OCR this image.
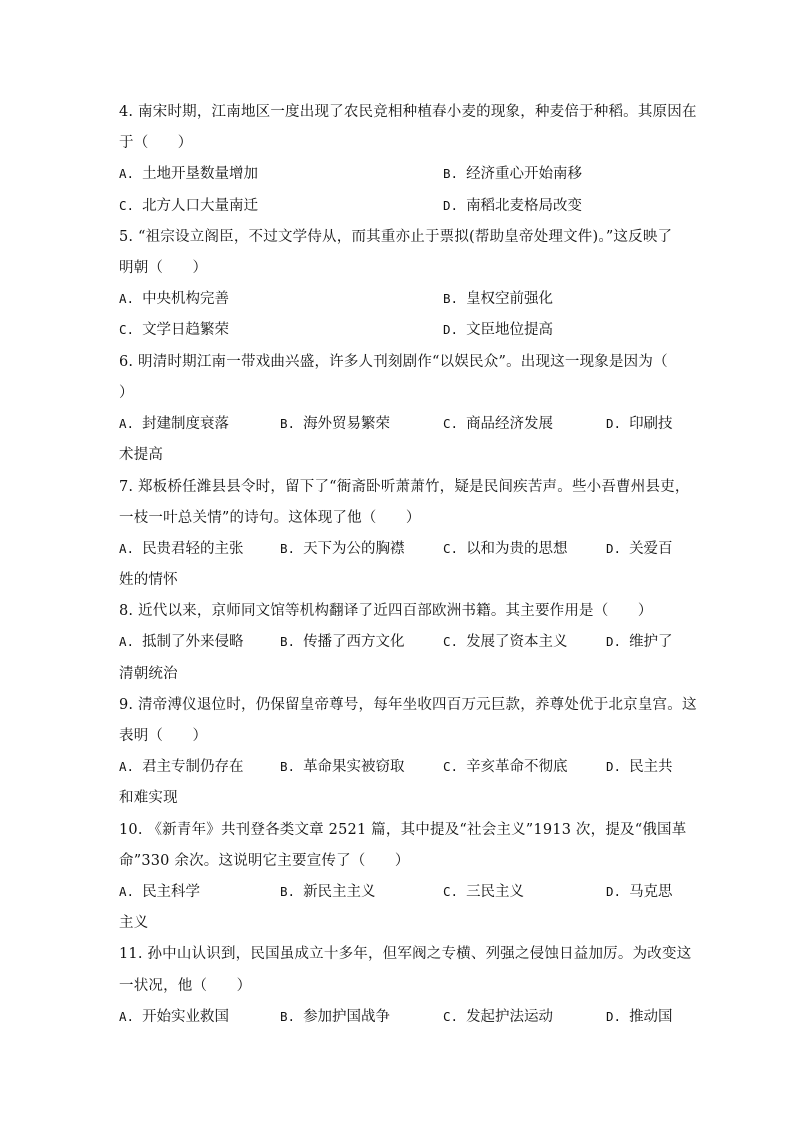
4. 南宋时期，江南地区一度出现了农民竞相种植春小麦的现象，种麦倍于种稻。其原因在
于（　　）
A. 土地开垦数量增加	B. 经济重心开始南移
C. 北方人口大量南迁	D. 南稻北麦格局改变
5. “祖宗设立阁臣，不过文学侍从，而其重亦止于票拟(帮助皇帝处理文件)。”这反映了
明朝（　　）
A. 中央机构完善	B. 皇权空前强化
C. 文学日趋繁荣	D. 文臣地位提高
6. 明清时期江南一带戏曲兴盛，许多人刊刻剧作“以娱民众”。出现这一现象是因为（
）
A. 封建制度衰落	B. 海外贸易繁荣	C. 商品经济发展	D. 印刷技
术提高
7. 郑板桥任潍县县令时，留下了“衙斋卧听萧萧竹，疑是民间疾苦声。些小吾曹州县吏，
一枝一叶总关情”的诗句。这体现了他（　　）
A. 民贵君轻的主张	B. 天下为公的胸襟	C. 以和为贵的思想	D. 关爱百
姓的情怀
8. 近代以来，京师同文馆等机构翻译了近四百部欧洲书籍。其主要作用是（　　）
A. 抵制了外来侵略	B. 传播了西方文化	C. 发展了资本主义	D. 维护了
清朝统治
9. 清帝溥仪退位时，仍保留皇帝尊号，每年坐收四百万元巨款，养尊处优于北京皇宫。这
表明（　　）
A. 君主专制仍存在	B. 革命果实被窃取	C. 辛亥革命不彻底	D. 民主共
和难实现
10. 《新青年》共刊登各类文章 2521 篇，其中提及“社会主义”1913 次，提及“俄国革
命”330 余次。这说明它主要宣传了（　　）
A. 民主科学	B. 新民主主义	C. 三民主义	D. 马克思
主义
11. 孙中山认识到，民国虽成立十多年，但军阀之专横、列强之侵蚀日益加厉。为改变这
一状况，他（　　）
A. 开始实业救国	B. 参加护国战争	C. 发起护法运动	D. 推动国
